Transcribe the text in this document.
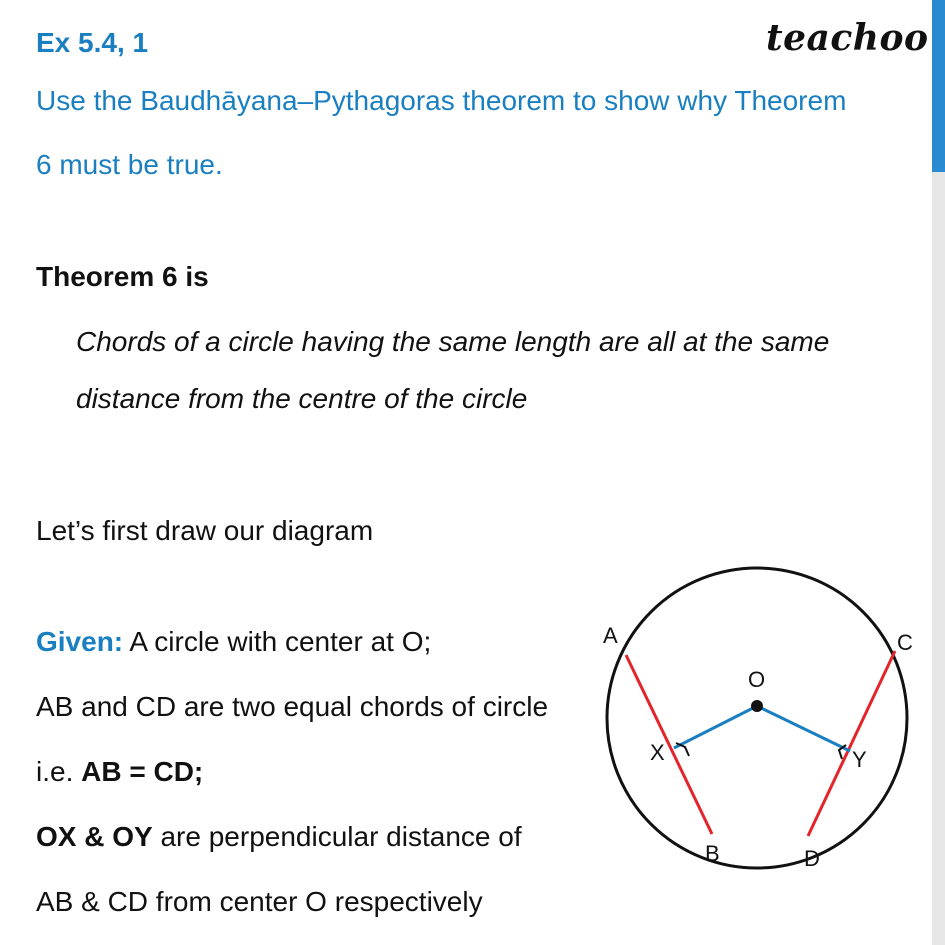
Ex 5.4, 1	teachoo
Use the Baudhāyana–Pythagoras theorem to show why Theorem
6 must be true.
Theorem 6 is
Chords of a circle having the same length are all at the same
distance from the centre of the circle
Let’s first draw our diagram
Given: A circle with center at O;
AB and CD are two equal chords of circle
i.e. AB = CD;
OX & OY are perpendicular distance of
AB & CD from center O respectively
A
B
C
D
O
X	Y
